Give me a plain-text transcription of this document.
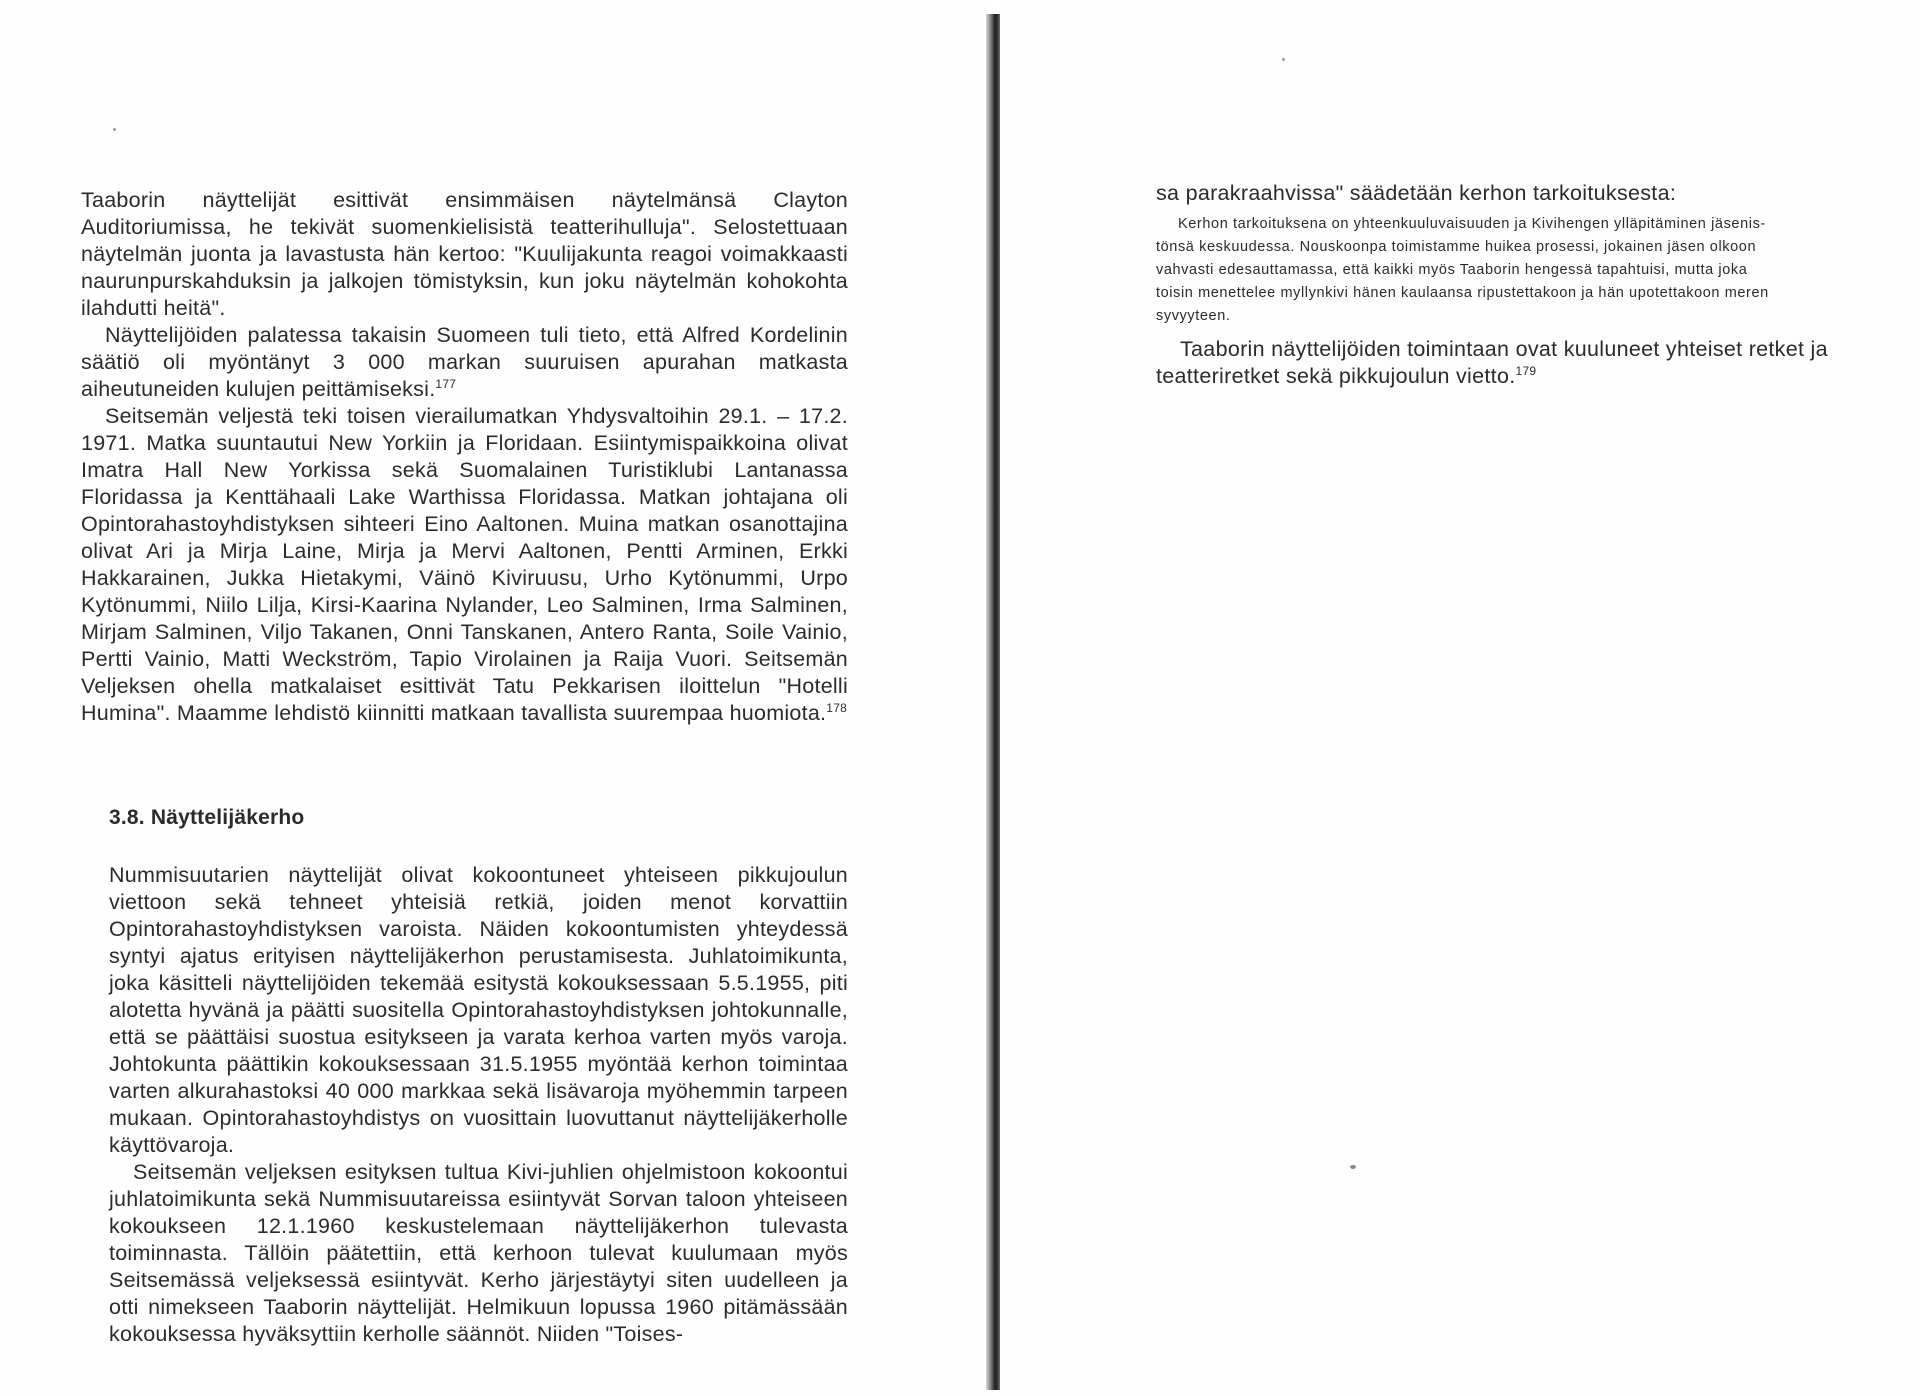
Taaborin näyttelijät esittivät ensimmäisen näytelmänsä Clayton Auditoriumissa, he tekivät suomenkielisistä teatterihulluja". Selostettuaan näytelmän juonta ja lavastusta hän kertoo: "Kuulijakunta reagoi voimakkaasti naurunpurskahduksin ja jalkojen tömistyksin, kun joku näytelmän kohokohta ilahdutti heitä".

Näyttelijöiden palatessa takaisin Suomeen tuli tieto, että Alfred Kordelinin säätiö oli myöntänyt 3 000 markan suuruisen apurahan matkasta aiheutuneiden kulujen peittämiseksi.$^{177}$

Seitsemän veljestä teki toisen vierailumatkan Yhdysvaltoihin 29.1. – 17.2. 1971. Matka suuntautui New Yorkiin ja Floridaan. Esiintymispaikkoina olivat Imatra Hall New Yorkissa sekä Suomalainen Turistiklubi Lantanassa Floridassa ja Kenttähaali Lake Warthissa Floridassa. Matkan johtajana oli Opintorahastoyhdistyksen sihteeri Eino Aaltonen. Muina matkan osanottajina olivat Ari ja Mirja Laine, Mirja ja Mervi Aaltonen, Pentti Arminen, Erkki Hakkarainen, Jukka Hietakymi, Väinö Kiviruusu, Urho Kytönummi, Urpo Kytönummi, Niilo Lilja, Kirsi-Kaarina Nylander, Leo Salminen, Irma Salminen, Mirjam Salminen, Viljo Takanen, Onni Tanskanen, Antero Ranta, Soile Vainio, Pertti Vainio, Matti Weckström, Tapio Virolainen ja Raija Vuori. Seitsemän Veljeksen ohella matkalaiset esittivät Tatu Pekkarisen iloittelun "Hotelli Humina". Maamme lehdistö kiinnitti matkaan tavallista suurempaa huomiota.$^{178}$

3.8. Näyttelijäkerho

Nummisuutarien näyttelijät olivat kokoontuneet yhteiseen pikkujoulun viettoon sekä tehneet yhteisiä retkiä, joiden menot korvattiin Opintorahastoyhdistyksen varoista. Näiden kokoontumisten yhteydessä syntyi ajatus erityisen näyttelijäkerhon perustamisesta. Juhlatoimikunta, joka käsitteli näyttelijöiden tekemää esitystä kokouksessaan 5.5.1955, piti alotetta hyvänä ja päätti suositella Opintorahastoyhdistyksen johtokunnalle, että se päättäisi suostua esitykseen ja varata kerhoa varten myös varoja. Johtokunta päättikin kokouksessaan 31.5.1955 myöntää kerhon toimintaa varten alkurahastoksi 40 000 markkaa sekä lisävaroja myöhemmin tarpeen mukaan. Opintorahastoyhdistys on vuosittain luovuttanut näyttelijäkerholle käyttövaroja.

Seitsemän veljeksen esityksen tultua Kivi-juhlien ohjelmistoon kokoontui juhlatoimikunta sekä Nummisuutareissa esiintyvät Sorvan taloon yhteiseen kokoukseen 12.1.1960 keskustelemaan näyttelijäkerhon tulevasta toiminnasta. Tällöin päätettiin, että kerhoon tulevat kuulumaan myös Seitsemässä veljeksessä esiintyvät. Kerho järjestäytyi siten uudelleen ja otti nimekseen Taaborin näyttelijät. Helmikuun lopussa 1960 pitämässään kokouksessa hyväksyttiin kerholle säännöt. Niiden "Toises-

sa parakraahvissa" säädetään kerhon tarkoituksesta:
Kerhon tarkoituksena on yhteenkuuluvaisuuden ja Kivihengen ylläpitäminen jäsenis-
tönsä keskuudessa. Nouskoonpa toimistamme huikea prosessi, jokainen jäsen olkoon
vahvasti edesauttamassa, että kaikki myös Taaborin hengessä tapahtuisi, mutta joka
toisin menettelee myllynkivi hänen kaulaansa ripustettakoon ja hän upotettakoon meren
syvyyteen.
Taaborin näyttelijöiden toimintaan ovat kuuluneet yhteiset retket ja
teatteriretket sekä pikkujoulun vietto.$^{179}$
